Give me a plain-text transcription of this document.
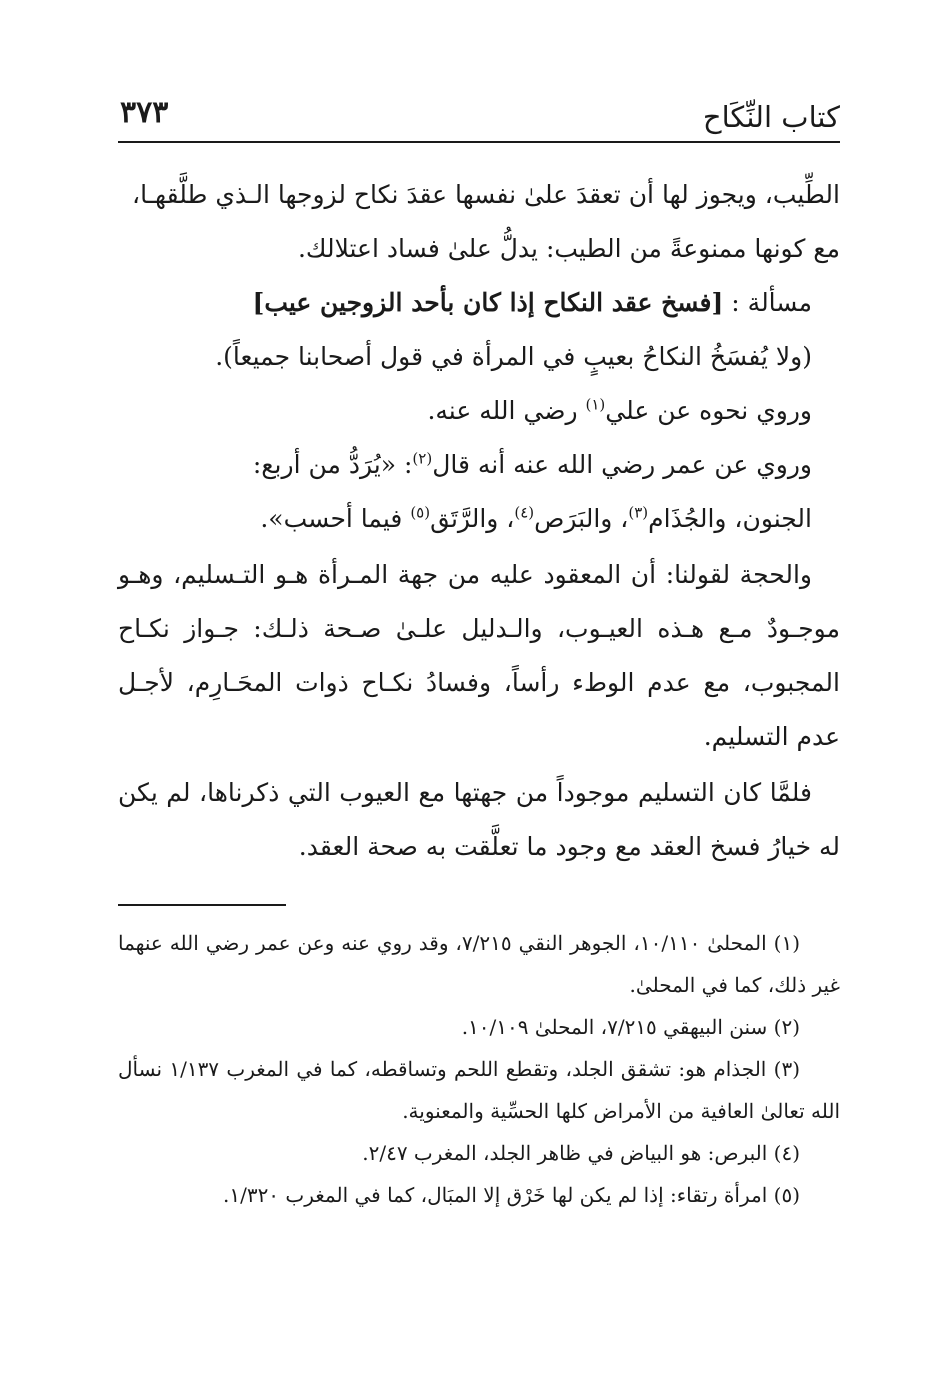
كتاب النِّكَاح
٣٧٣

الطِّيب، ويجوز لها أن تعقدَ علىٰ نفسها عقدَ نكاح لزوجها الـذي طلَّقهـا،

مع كونها ممنوعةً من الطيب: يدلُّ علىٰ فساد اعتلالك.

مسألة : [فسخ عقد النكاح إذا كان بأحد الزوجين عيب]

(ولا يُفسَخُ النكاحُ بعيبٍ في المرأة في قول أصحابنا جميعاً).

وروي نحوه عن علي$^{(١)}$ رضي الله عنه.

وروي عن عمر رضي الله عنه أنه قال$^{(٢)}$: «يُرَدُّ من أربع:

الجنون، والجُذَام$^{(٣)}$، والبَرَص$^{(٤)}$، والرَّتَق$^{(٥)}$ فيما أحسب».

والحجة لقولنا: أن المعقود عليه من جهة المـرأة هـو التـسليم، وهـو موجـودٌ مـع هـذه العيـوب، والـدليل علـىٰ صـحة ذلـك: جـواز نكـاح المجبوب، مع عدم الوطء رأساً، وفسادُ نكـاح ذوات المحَـارِم، لأجـل عدم التسليم.

فلمَّا كان التسليم موجوداً من جهتها مع العيوب التي ذكرناها، لم يكن له خيارُ فسخ العقد مع وجود ما تعلَّقت به صحة العقد.

(١) المحلىٰ ١٠/١١٠، الجوهر النقي ٧/٢١٥، وقد روي عنه وعن عمر رضي الله عنهما غير ذلك، كما في المحلىٰ.

(٢) سنن البيهقي ٧/٢١٥، المحلىٰ ١٠/١٠٩.

(٣) الجذام هو: تشقق الجلد، وتقطع اللحم وتساقطه، كما في المغرب ١/١٣٧ نسأل الله تعالىٰ العافية من الأمراض كلها الحسِّية والمعنوية.

(٤) البرص: هو البياض في ظاهر الجلد، المغرب ٢/٤٧.

(٥) امرأة رتقاء: إذا لم يكن لها خَرْق إلا المبَال، كما في المغرب ١/٣٢٠.
